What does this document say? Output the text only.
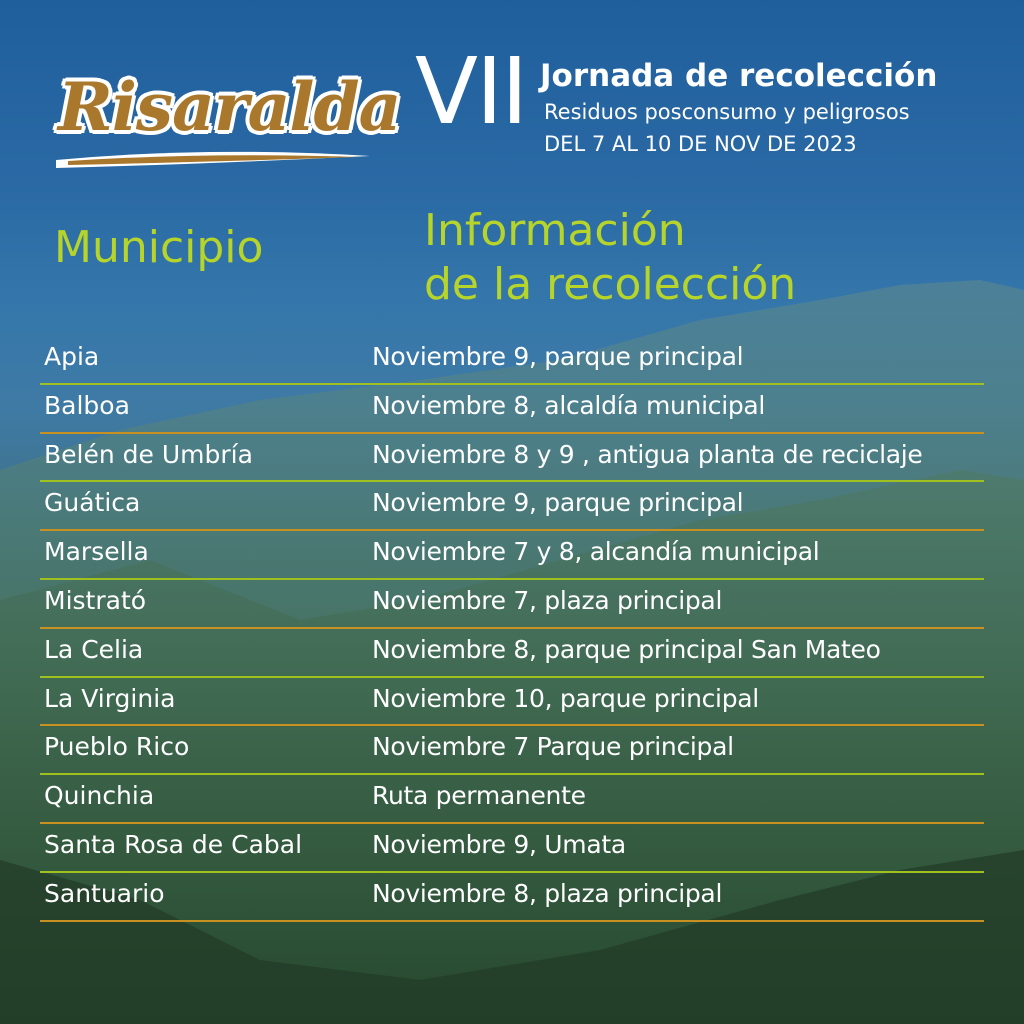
Risaralda VII Jornada de recolección
Residuos posconsumo y peligrosos
DEL 7 AL 10 DE NOV DE 2023
Municipio	Información
de la recolección
Apia	Noviembre 9, parque principal
Balboa	Noviembre 8, alcaldía municipal
Belén de Umbría	Noviembre 8 y 9 , antigua planta de reciclaje
Guática	Noviembre 9, parque principal
Marsella	Noviembre 7 y 8, alcandía municipal
Mistrató	Noviembre 7, plaza principal
La Celia	Noviembre 8, parque principal San Mateo
La Virginia	Noviembre 10, parque principal
Pueblo Rico	Noviembre 7 Parque principal
Quinchia	Ruta permanente
Santa Rosa de Cabal	Noviembre 9, Umata
Santuario	Noviembre 8, plaza principal
